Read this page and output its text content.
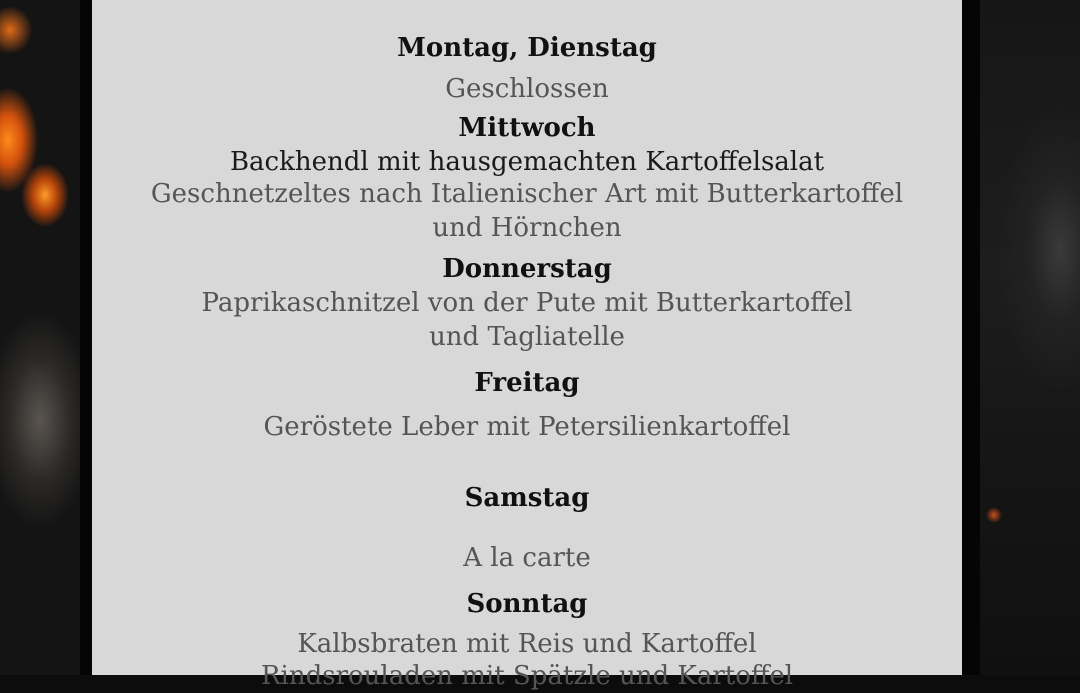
Montag, Dienstag
Geschlossen
Mittwoch
Backhendl mit hausgemachten Kartoffelsalat
Geschnetzeltes nach Italienischer Art mit Butterkartoffel
und Hörnchen
Donnerstag
Paprikaschnitzel von der Pute mit Butterkartoffel
und Tagliatelle
Freitag
Geröstete Leber mit Petersilienkartoffel
Samstag
A la carte
Sonntag
Kalbsbraten mit Reis und Kartoffel
Rindsrouladen mit Spätzle und Kartoffel
